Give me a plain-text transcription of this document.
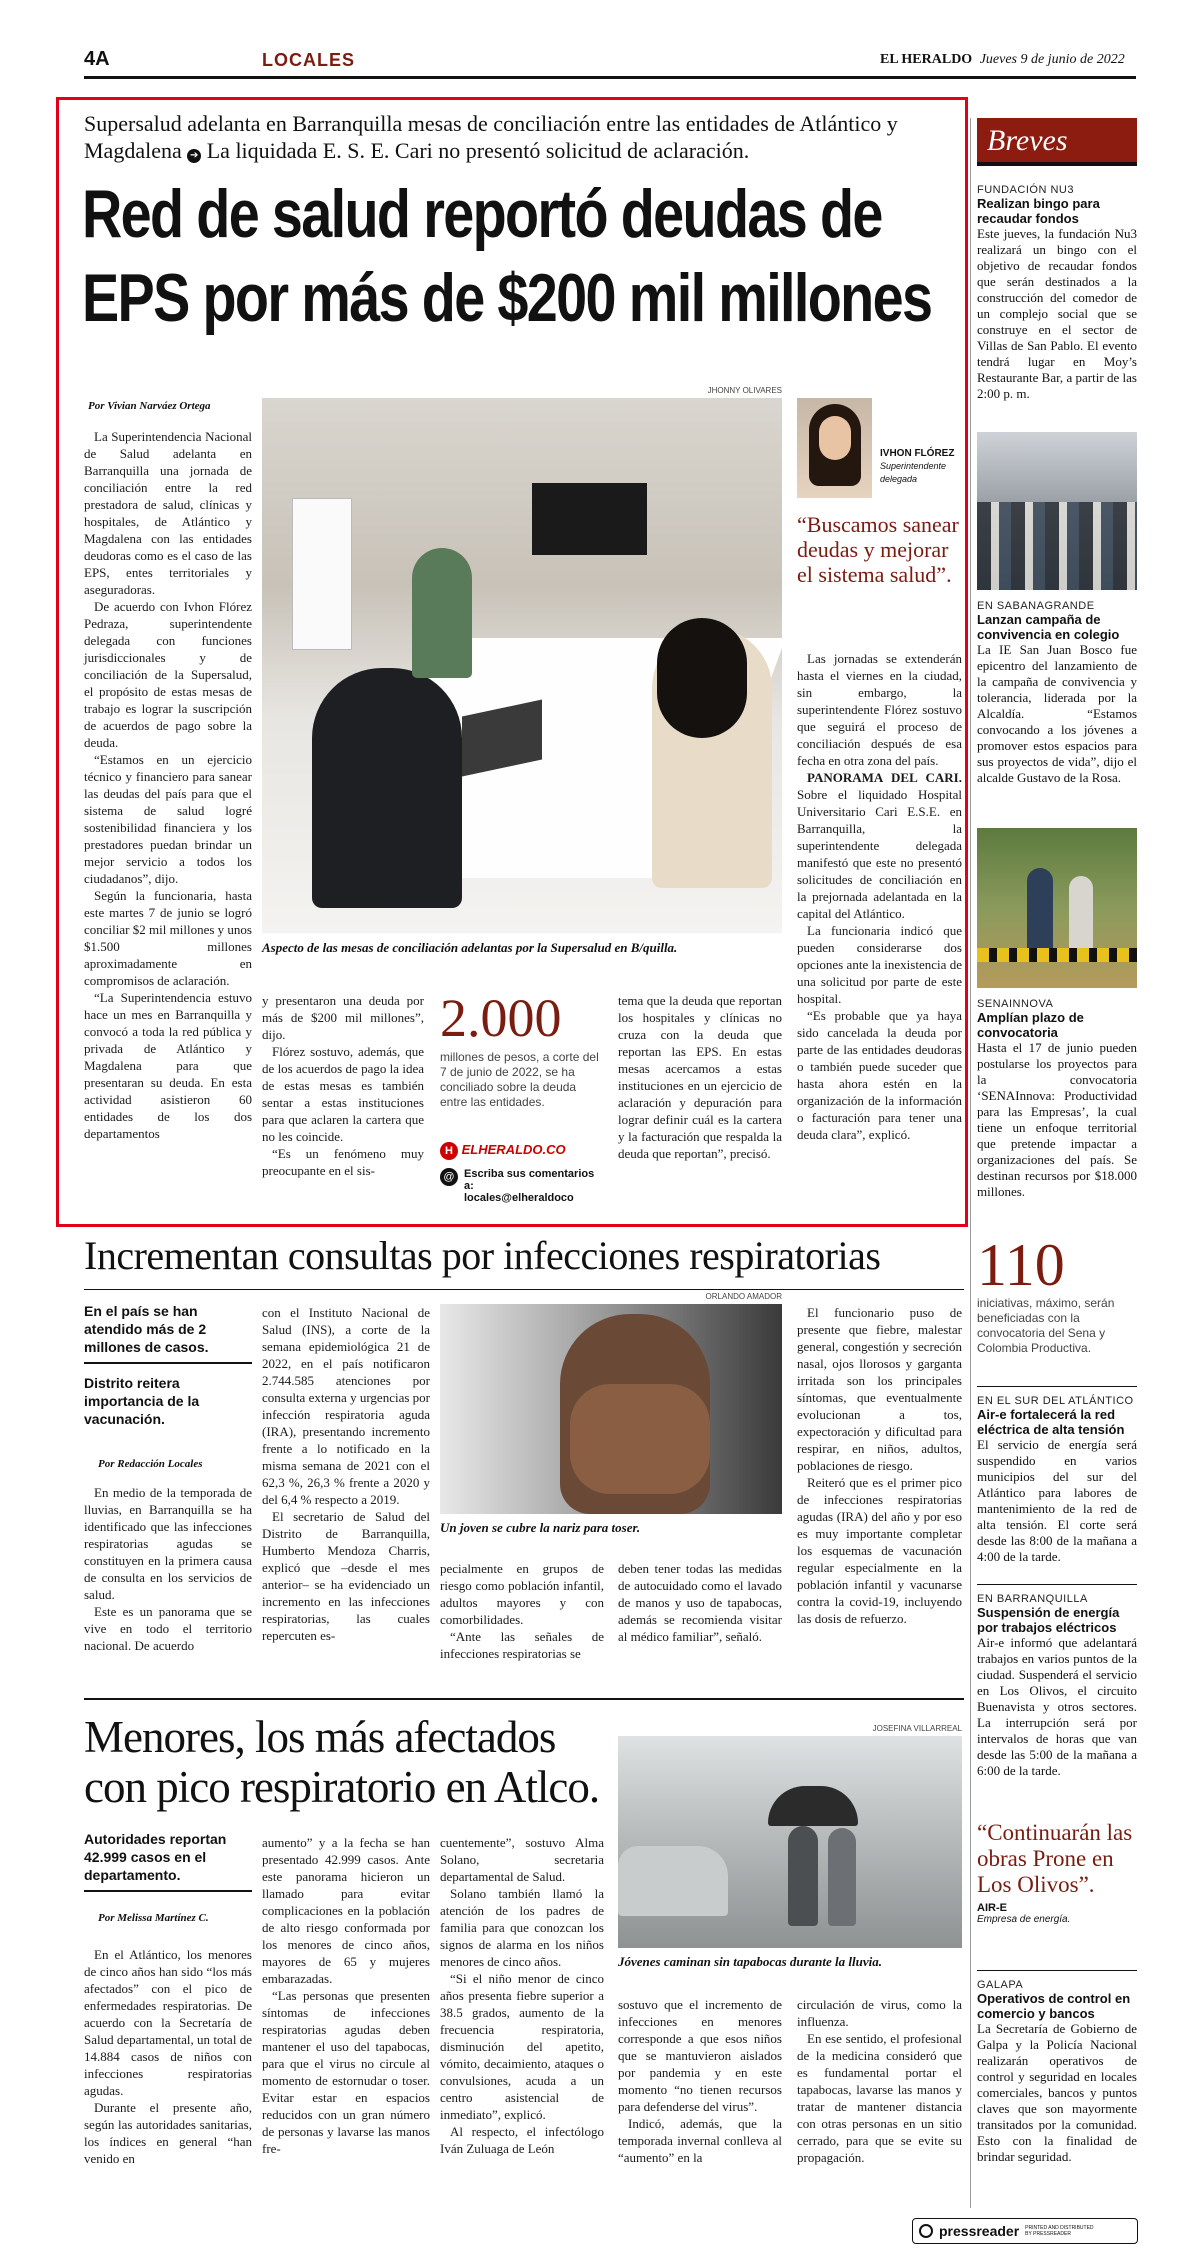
4A	LOCALES	EL HERALDO Jueves 9 de junio de 2022
Supersalud adelanta en Barranquilla mesas de conciliación entre las entidades de Atlántico y Magdalena ➔ La liquidada E. S. E. Cari no presentó solicitud de aclaración.
Red de salud reportó deudas de
EPS por más de $200 mil millones
Por Vivian Narváez Ortega

La Superintendencia Nacional de Salud adelanta en Barranquilla una jornada de conciliación entre la red prestadora de salud, clínicas y hospitales, de Atlántico y Magdalena con las entidades deudoras como es el caso de las EPS, entes territoriales y aseguradoras.

De acuerdo con Ivhon Flórez Pedraza, superintendente delegada con funciones jurisdiccionales y de conciliación de la Supersalud, el propósito de estas mesas de trabajo es lograr la suscripción de acuerdos de pago sobre la deuda.

“Estamos en un ejercicio técnico y financiero para sanear las deudas del país para que el sistema de salud logré sostenibilidad financiera y los prestadores puedan brindar un mejor servicio a todos los ciudadanos”, dijo.

Según la funcionaria, hasta este martes 7 de junio se logró conciliar $2 mil millones y unos $1.500 millones aproximadamente en compromisos de aclaración.

“La Superintendencia estuvo hace un mes en Barranquilla y convocó a toda la red pública y privada de Atlántico y Magdalena para que presentaran su deuda. En esta actividad asistieron 60 entidades de los dos departamentos

JHONNY OLIVARES
Aspecto de las mesas de conciliación adelantas por la Supersalud en B/quilla.

y presentaron una deuda por más de $200 mil millones”, dijo.

Flórez sostuvo, además, que de los acuerdos de pago la idea de estas mesas es también sentar a estas instituciones para que aclaren la cartera que no les coincide.

“Es un fenómeno muy preocupante en el sis-

2.000
millones de pesos, a corte del 7 de junio de 2022, se ha conciliado sobre la deuda entre las entidades.
H ELHERALDO.CO
@ Escriba sus comentarios a:
locales@elheraldoco

tema que la deuda que reportan los hospitales y clínicas no cruza con la deuda que reportan las EPS. En estas mesas acercamos a estas instituciones en un ejercicio de aclaración y depuración para lograr definir cuál es la cartera y la facturación que respalda la deuda que reportan”, precisó.

IVHON FLÓREZ
Superintendente delegada
“Buscamos sanear deudas y mejorar el sistema salud”.

Las jornadas se extenderán hasta el viernes en la ciudad, sin embargo, la superintendente Flórez sostuvo que seguirá el proceso de conciliación después de esa fecha en otra zona del país.

PANORAMA DEL CARI. Sobre el liquidado Hospital Universitario Cari E.S.E. en Barranquilla, la superintendente delegada manifestó que este no presentó solicitudes de conciliación en la prejornada adelantada en la capital del Atlántico.

La funcionaria indicó que pueden considerarse dos opciones ante la inexistencia de una solicitud por parte de este hospital.

“Es probable que ya haya sido cancelada la deuda por parte de las entidades deudoras o también puede suceder que hasta ahora estén en la organización de la información o facturación para tener una deuda clara”, explicó.

Incrementan consultas por infecciones respiratorias
En el país se han atendido más de 2 millones de casos.
Distrito reitera importancia de la vacunación.
Por Redacción Locales

En medio de la temporada de lluvias, en Barranquilla se ha identificado que las infecciones respiratorias agudas se constituyen en la primera causa de consulta en los servicios de salud.

Este es un panorama que se vive en todo el territorio nacional. De acuerdo

con el Instituto Nacional de Salud (INS), a corte de la semana epidemiológica 21 de 2022, en el país notificaron 2.744.585 atenciones por consulta externa y urgencias por infección respiratoria aguda (IRA), presentando incremento frente a lo notificado en la misma semana de 2021 con el 62,3 %, 26,3 % frente a 2020 y del 6,4 % respecto a 2019.

El secretario de Salud del Distrito de Barranquilla, Humberto Mendoza Charris, explicó que –desde el mes anterior– se ha evidenciado un incremento en las infecciones respiratorias, las cuales repercuten es-

ORLANDO AMADOR
Un joven se cubre la nariz para toser.

pecialmente en grupos de riesgo como población infantil, adultos mayores y con comorbilidades.

“Ante las señales de infecciones respiratorias se

deben tener todas las medidas de autocuidado como el lavado de manos y uso de tapabocas, además se recomienda visitar al médico familiar”, señaló.

El funcionario puso de presente que fiebre, malestar general, congestión y secreción nasal, ojos llorosos y garganta irritada son los principales síntomas, que eventualmente evolucionan a tos, expectoración y dificultad para respirar, en niños, adultos, poblaciones de riesgo.

Reiteró que es el primer pico de infecciones respiratorias agudas (IRA) del año y por eso es muy importante completar los esquemas de vacunación regular especialmente en la población infantil y vacunarse contra la covid-19, incluyendo las dosis de refuerzo.

Menores, los más afectados
con pico respiratorio en Atlco.
Autoridades reportan 42.999 casos en el departamento.
Por Melissa Martínez C.

En el Atlántico, los menores de cinco años han sido “los más afectados” con el pico de enfermedades respiratorias. De acuerdo con la Secretaría de Salud departamental, un total de 14.884 casos de niños con infecciones respiratorias agudas.

Durante el presente año, según las autoridades sanitarias, los índices en general “han venido en

aumento” y a la fecha se han presentado 42.999 casos. Ante este panorama hicieron un llamado para evitar complicaciones en la población de alto riesgo conformada por los menores de cinco años, mayores de 65 y mujeres embarazadas.

“Las personas que presenten síntomas de infecciones respiratorias agudas deben mantener el uso del tapabocas, para que el virus no circule al momento de estornudar o toser. Evitar estar en espacios reducidos con un gran número de personas y lavarse las manos fre-

cuentemente”, sostuvo Alma Solano, secretaria departamental de Salud.

Solano también llamó la atención de los padres de familia para que conozcan los signos de alarma en los niños menores de cinco años.

“Si el niño menor de cinco años presenta fiebre superior a 38.5 grados, aumento de la frecuencia respiratoria, disminución del apetito, vómito, decaimiento, ataques o convulsiones, acuda a un centro asistencial de inmediato”, explicó.

Al respecto, el infectólogo Iván Zuluaga de León

JOSEFINA VILLARREAL
Jóvenes caminan sin tapabocas durante la lluvia.

sostuvo que el incremento de infecciones en menores corresponde a que esos niños que se mantuvieron aislados por pandemia y en este momento “no tienen recursos para defenderse del virus”.

Indicó, además, que la temporada invernal conlleva al “aumento” en la

circulación de virus, como la influenza.

En ese sentido, el profesional de la medicina consideró que es fundamental portar el tapabocas, lavarse las manos y tratar de mantener distancia con otras personas en un sitio cerrado, para que se evite su propagación.

Breves
FUNDACIÓN NU3
Realizan bingo para recaudar fondos
Este jueves, la fundación Nu3 realizará un bingo con el objetivo de recaudar fondos que serán destinados a la construcción del comedor de un complejo social que se construye en el sector de Villas de San Pablo. El evento tendrá lugar en Moy’s Restaurante Bar, a partir de las 2:00 p. m.
EN SABANAGRANDE
Lanzan campaña de convivencia en colegio
La IE San Juan Bosco fue epicentro del lanzamiento de la campaña de convivencia y tolerancia, liderada por la Alcaldía. “Estamos convocando a los jóvenes a promover estos espacios para sus proyectos de vida”, dijo el alcalde Gustavo de la Rosa.
SENAINNOVA
Amplían plazo de convocatoria
Hasta el 17 de junio pueden postularse los proyectos para la convocatoria ‘SENAInnova: Productividad para las Empresas’, la cual tiene un enfoque territorial que pretende impactar a organizaciones del país. Se destinan recursos por $18.000 millones.
110
iniciativas, máximo, serán beneficiadas con la convocatoria del Sena y Colombia Productiva.
EN EL SUR DEL ATLÁNTICO
Air-e fortalecerá la red eléctrica de alta tensión
El servicio de energía será suspendido en varios municipios del sur del Atlántico para labores de mantenimiento de la red de alta tensión. El corte será desde las 8:00 de la mañana a 4:00 de la tarde.
EN BARRANQUILLA
Suspensión de energía por trabajos eléctricos
Air-e informó que adelantará trabajos en varios puntos de la ciudad. Suspenderá el servicio en Los Olivos, el circuito Buenavista y otros sectores. La interrupción será por intervalos de horas que van desde las 5:00 de la mañana a 6:00 de la tarde.
“Continuarán las obras Prone en Los Olivos”.
AIR-E
Empresa de energía.
GALAPA
Operativos de control en comercio y bancos
La Secretaría de Gobierno de Galpa y la Policía Nacional realizarán operativos de control y seguridad en locales comerciales, bancos y puntos claves que son mayormente transitados por la comunidad. Esto con la finalidad de brindar seguridad.
pressreader PRINTED AND DISTRIBUTED BY PRESSREADER
